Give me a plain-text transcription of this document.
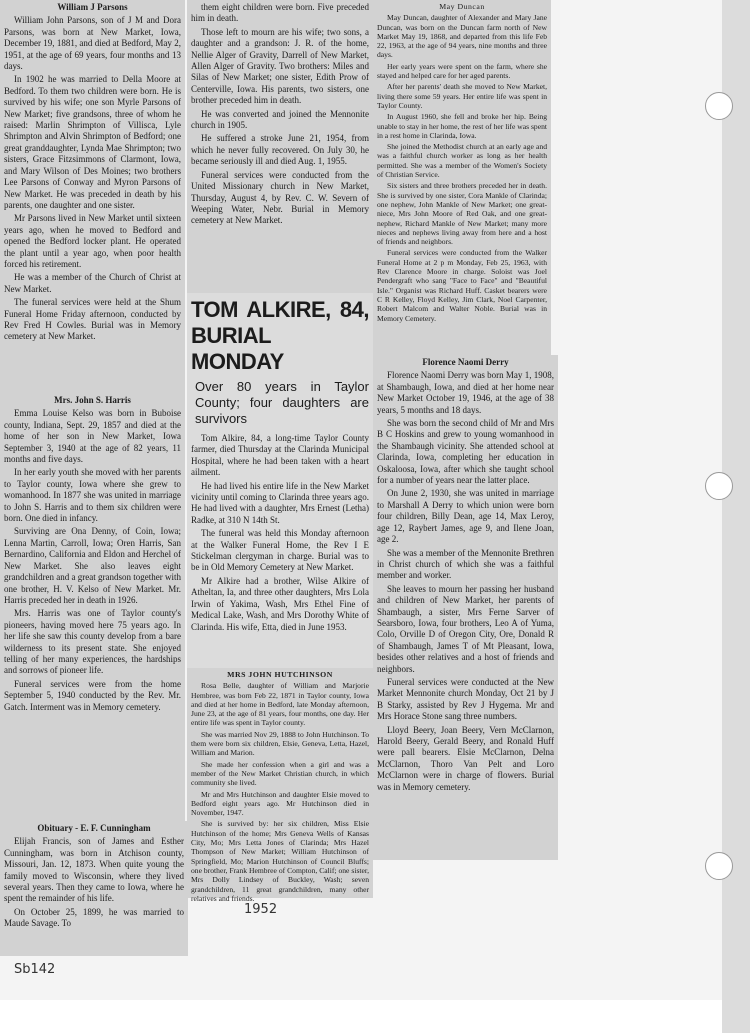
William J Parsons

William John Parsons, son of J M and Dora Parsons, was born at New Market, Iowa, December 19, 1881, and died at Bedford, May 2, 1951, at the age of 69 years, four months and 13 days.

In 1902 he was married to Della Moore at Bedford. To them two children were born. He is survived by his wife; one son Myrle Parsons of New Market; five grandsons, three of whom he raised: Marlin Shrimpton of Villisca, Lyle Shrimpton and Alvin Shrimpton of Bedford; one great granddaughter, Lynda Mae Shrimpton; two sisters, Grace Fitzsimmons of Clarmont, Iowa, and Mary Wilson of Des Moines; two brothers Lee Parsons of Conway and Myron Parsons of New Market. He was preceded in death by his parents, one daughter and one sister.

Mr Parsons lived in New Market until sixteen years ago, when he moved to Bedford and opened the Bedford locker plant. He operated the plant until a year ago, when poor health forced his retirement.

He was a member of the Church of Christ at New Market.

The funeral services were held at the Shum Funeral Home Friday afternoon, conducted by Rev Fred H Cowles. Burial was in Memory cemetery at New Market.

Mrs. John S. Harris

Emma Louise Kelso was born in Buboise county, Indiana, Sept. 29, 1857 and died at the home of her son in New Market, Iowa September 3, 1940 at the age of 82 years, 11 months and five days.

In her early youth she moved with her parents to Taylor county, Iowa where she grew to womanhood. In 1877 she was united in marriage to John S. Harris and to them six children were born. One died in infancy.

Surviving are Ona Denny, of Coin, Iowa; Lenna Martin, Carroll, Iowa; Oren Harris, San Bernardino, California and Eldon and Herchel of New Market. She also leaves eight grandchildren and a great grandson together with one brother, H. V. Kelso of New Market. Mr. Harris preceded her in death in 1926.

Mrs. Harris was one of Taylor county's pioneers, having moved here 75 years ago. In her life she saw this county develop from a bare wilderness to its present state. She enjoyed telling of her many experiences, the hardships and sorrows of pioneer life.

Funeral services were from the home September 5, 1940 conducted by the Rev. Mr. Gatch. Interment was in Memory cemetery.

Obituary - E. F. Cunningham

Elijah Francis, son of James and Esther Cunningham, was born in Atchison county, Missouri, Jan. 12, 1873. When quite young the family moved to Wisconsin, where they lived several years. Then they came to Iowa, where he spent the remainder of his life.

On October 25, 1899, he was married to Maude Savage. To

them eight children were born. Five preceded him in death.

Those left to mourn are his wife; two sons, a daughter and a grandson: J. R. of the home, Nellie Alger of Gravity, Darrell of New Market, Allen Alger of Gravity. Two brothers: Miles and Silas of New Market; one sister, Edith Prow of Centerville, Iowa. His parents, two sisters, one brother preceded him in death.

He was converted and joined the Mennonite church in 1905.

He suffered a stroke June 21, 1954, from which he never fully recovered. On July 30, he became seriously ill and died Aug. 1, 1955.

Funeral services were conducted from the United Missionary church in New Market, Thursday, August 4, by Rev. C. W. Severn of Weeping Water, Nebr. Burial in Memory cemetery at New Market.

TOM ALKIRE, 84, BURIAL MONDAY
Over 80 years in Taylor County; four daughters are survivors

Tom Alkire, 84, a long-time Taylor County farmer, died Thursday at the Clarinda Municipal Hospital, where he had been taken with a heart ailment.

He had lived his entire life in the New Market vicinity until coming to Clarinda three years ago. He had lived with a daughter, Mrs Ernest (Letha) Radke, at 310 N 14th St.

The funeral was held this Monday afternoon at the Walker Funeral Home, the Rev I E Stickelman clergyman in charge. Burial was to be in Old Memory Cemetery at New Market.

Mr Alkire had a brother, Wilse Alkire of Atheltan, Ia, and three other daughters, Mrs Lola Irwin of Yakima, Wash, Mrs Ethel Fine of Medical Lake, Wash, and Mrs Dorothy White of Clarinda. His wife, Etta, died in June 1953.

MRS JOHN HUTCHINSON

Rosa Belle, daughter of William and Marjorie Hembree, was born Feb 22, 1871 in Taylor county, Iowa and died at her home in Bedford, late Monday afternoon, June 23, at the age of 81 years, four months, one day. Her entire life was spent in Taylor county.

She was married Nov 29, 1888 to John Hutchinson. To them were born six children, Elsie, Geneva, Letta, Hazel, William and Marion.

She made her confession when a girl and was a member of the New Market Christian church, in which community she lived.

Mr and Mrs Hutchinson and daughter Elsie moved to Bedford eight years ago. Mr Hutchinson died in November, 1947.

She is survived by: her six children, Miss Elsie Hutchinson of the home; Mrs Geneva Wells of Kansas City, Mo; Mrs Letta Jones of Clarinda; Mrs Hazel Thompson of New Market; William Hutchinson of Springfield, Mo; Marion Hutchinson of Council Bluffs; one brother, Frank Hembree of Compton, Calif; one sister, Mrs Dolly Lindsey of Buckley, Wash; seven grandchildren, 11 great grandchildren, many other relatives and friends.

May Duncan

May Duncan, daughter of Alexander and Mary Jane Duncan, was born on the Duncan farm north of New Market May 19, 1868, and departed from this life Feb 22, 1963, at the age of 94 years, nine months and three days.

Her early years were spent on the farm, where she stayed and helped care for her aged parents.

After her parents' death she moved to New Market, living there some 59 years. Her entire life was spent in Taylor County.

In August 1960, she fell and broke her hip. Being unable to stay in her home, the rest of her life was spent in a rest home in Clarinda, Iowa.

She joined the Methodist church at an early age and was a faithful church worker as long as her health permitted. She was a member of the Women's Society of Christian Service.

Six sisters and three brothers preceded her in death. She is survived by one sister, Cora Mankle of Clarinda; one nephew, John Mankle of New Market; one great-niece, Mrs John Moore of Red Oak, and one great-nephew, Richard Mankle of New Market; many more nieces and nephews living away from here and a host of friends and neighbors.

Funeral services were conducted from the Walker Funeral Home at 2 p m Monday, Feb 25, 1963, with Rev Clarence Moore in charge. Soloist was Joel Pendergraft who sang "Face to Face" and "Beautiful Isle." Organist was Richard Huff. Casket bearers were C R Kelley, Floyd Kelley, Jim Clark, Noel Carpenter, Robert Malcom and Walter Noble. Burial was in Memory Cemetery.

Florence Naomi Derry

Florence Naomi Derry was born May 1, 1908, at Shambaugh, Iowa, and died at her home near New Market October 19, 1946, at the age of 38 years, 5 months and 18 days.

She was born the second child of Mr and Mrs B C Hoskins and grew to young womanhood in the Shambaugh vicinity. She attended school at Clarinda, Iowa, completing her education in Oskaloosa, Iowa, after which she taught school for a number of years near the latter place.

On June 2, 1930, she was united in marriage to Marshall A Derry to which union were born four children, Billy Dean, age 14, Max Leroy, age 12, Raybert James, age 9, and Ilene Joan, age 2.

She was a member of the Mennonite Brethren in Christ church of which she was a faithful member and worker.

She leaves to mourn her passing her husband and children of New Market, her parents of Shambaugh, a sister, Mrs Ferne Sarver of Searsboro, Iowa, four brothers, Leo A of Yuma, Colo, Orville D of Oregon City, Ore, Donald R of Shambaugh, James T of Mt Pleasant, Iowa, besides other relatives and a host of friends and neighbors.

Funeral services were conducted at the New Market Mennonite church Monday, Oct 21 by J B Starky, assisted by Rev J Hygema. Mr and Mrs Horace Stone sang three numbers.

Lloyd Beery, Joan Beery, Vern McClarnon, Harold Beery, Gerald Beery, and Ronald Huff were pall bearers. Elsie McClarnon, Delna McClarnon, Thoro Van Pelt and Loro McClarnon were in charge of flowers. Burial was in Memory cemetery.

1952
Sb142
